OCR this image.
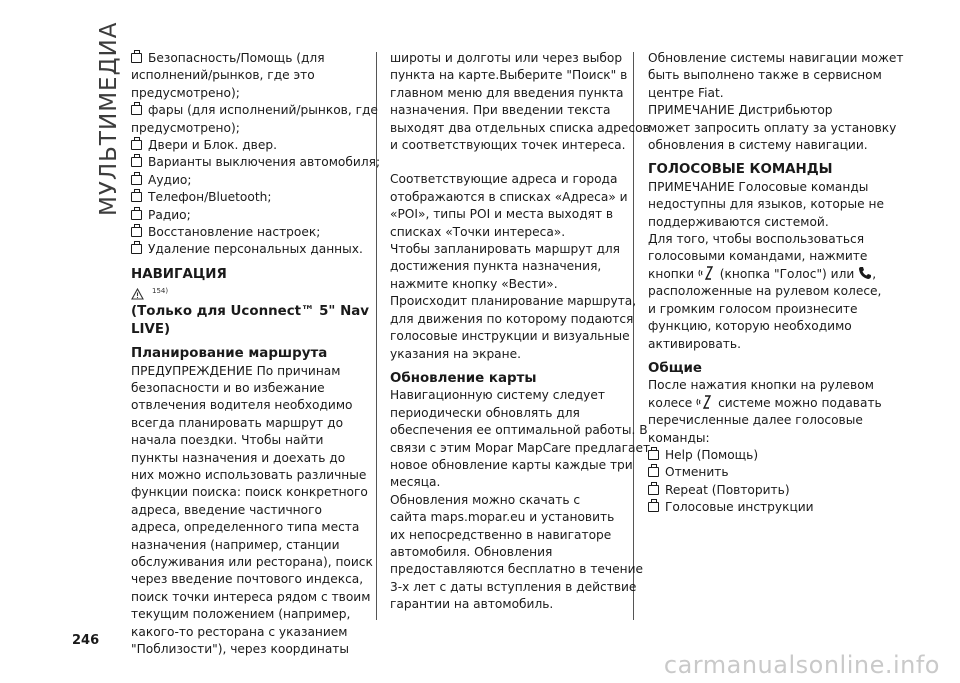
МУЛЬТИМЕДИА	Безопасность/Помощь (для

исполнений/рынков, где это

предусмотрено);

фары (для исполнений/рынков, где

предусмотрено);

Двери и Блок. двер.

Варианты выключения автомобиля;

Аудио;

Телефон/Bluetooth;

Радио;

Восстановление настроек;

Удаление персональных данных.

НАВИГАЦИЯ

$^{154)}$

(Только для Uconnect™ 5" Nav

LIVE)

Планирование маршрута

ПРЕДУПРЕЖДЕНИЕ По причинам

безопасности и во избежание

отвлечения водителя необходимо

всегда планировать маршрут до

начала поездки. Чтобы найти

пункты назначения и доехать до

них можно использовать различные

функции поиска: поиск конкретного

адреса, введение частичного

адреса, определенного типа места

назначения (например, станции

обслуживания или ресторана), поиск

через введение почтового индекса,

поиск точки интереса рядом с твоим

текущим положением (например,

какого-то ресторана с указанием

"Поблизости"), через координаты

широты и долготы или через выбор

пункта на карте.Выберите "Поиск" в

главном меню для введения пункта

назначения. При введении текста

выходят два отдельных списка адресов

и соответствующих точек интереса.

Соответствующие адреса и города

отображаются в списках «Адреса» и

«POI», типы POI и места выходят в

списках «Точки интереса».

Чтобы запланировать маршрут для

достижения пункта назначения,

нажмите кнопку «Вести».

Происходит планирование маршрута,

для движения по которому подаются

голосовые инструкции и визуальные

указания на экране.

Обновление карты

Навигационную систему следует

периодически обновлять для

обеспечения ее оптимальной работы. В

связи с этим Mopar MapCare предлагает

новое обновление карты каждые три

месяца.

Обновления можно скачать с

сайта maps.mopar.eu и установить

их непосредственно в навигаторе

автомобиля. Обновления

предоставляются бесплатно в течение

3-х лет с даты вступления в действие

гарантии на автомобиль.

Обновление системы навигации может

быть выполнено также в сервисном

центре Fiat.

ПРИМЕЧАНИЕ Дистрибьютор

может запросить оплату за установку

обновления в систему навигации.

ГОЛОСОВЫЕ КОМАНДЫ

ПРИМЕЧАНИЕ Голосовые команды

недоступны для языков, которые не

поддерживаются системой.

Для того, чтобы воспользоваться

голосовыми командами, нажмите

кнопки (кнопка "Голос") или ,

расположенные на рулевом колесе,

и громким голосом произнесите

функцию, которую необходимо

активировать.

Общие

После нажатия кнопки на рулевом

колесе системе можно подавать

перечисленные далее голосовые

команды:

Help (Помощь)

Отменить

Repeat (Повторить)

Голосовые инструкции

246
carmanualsonline.info
